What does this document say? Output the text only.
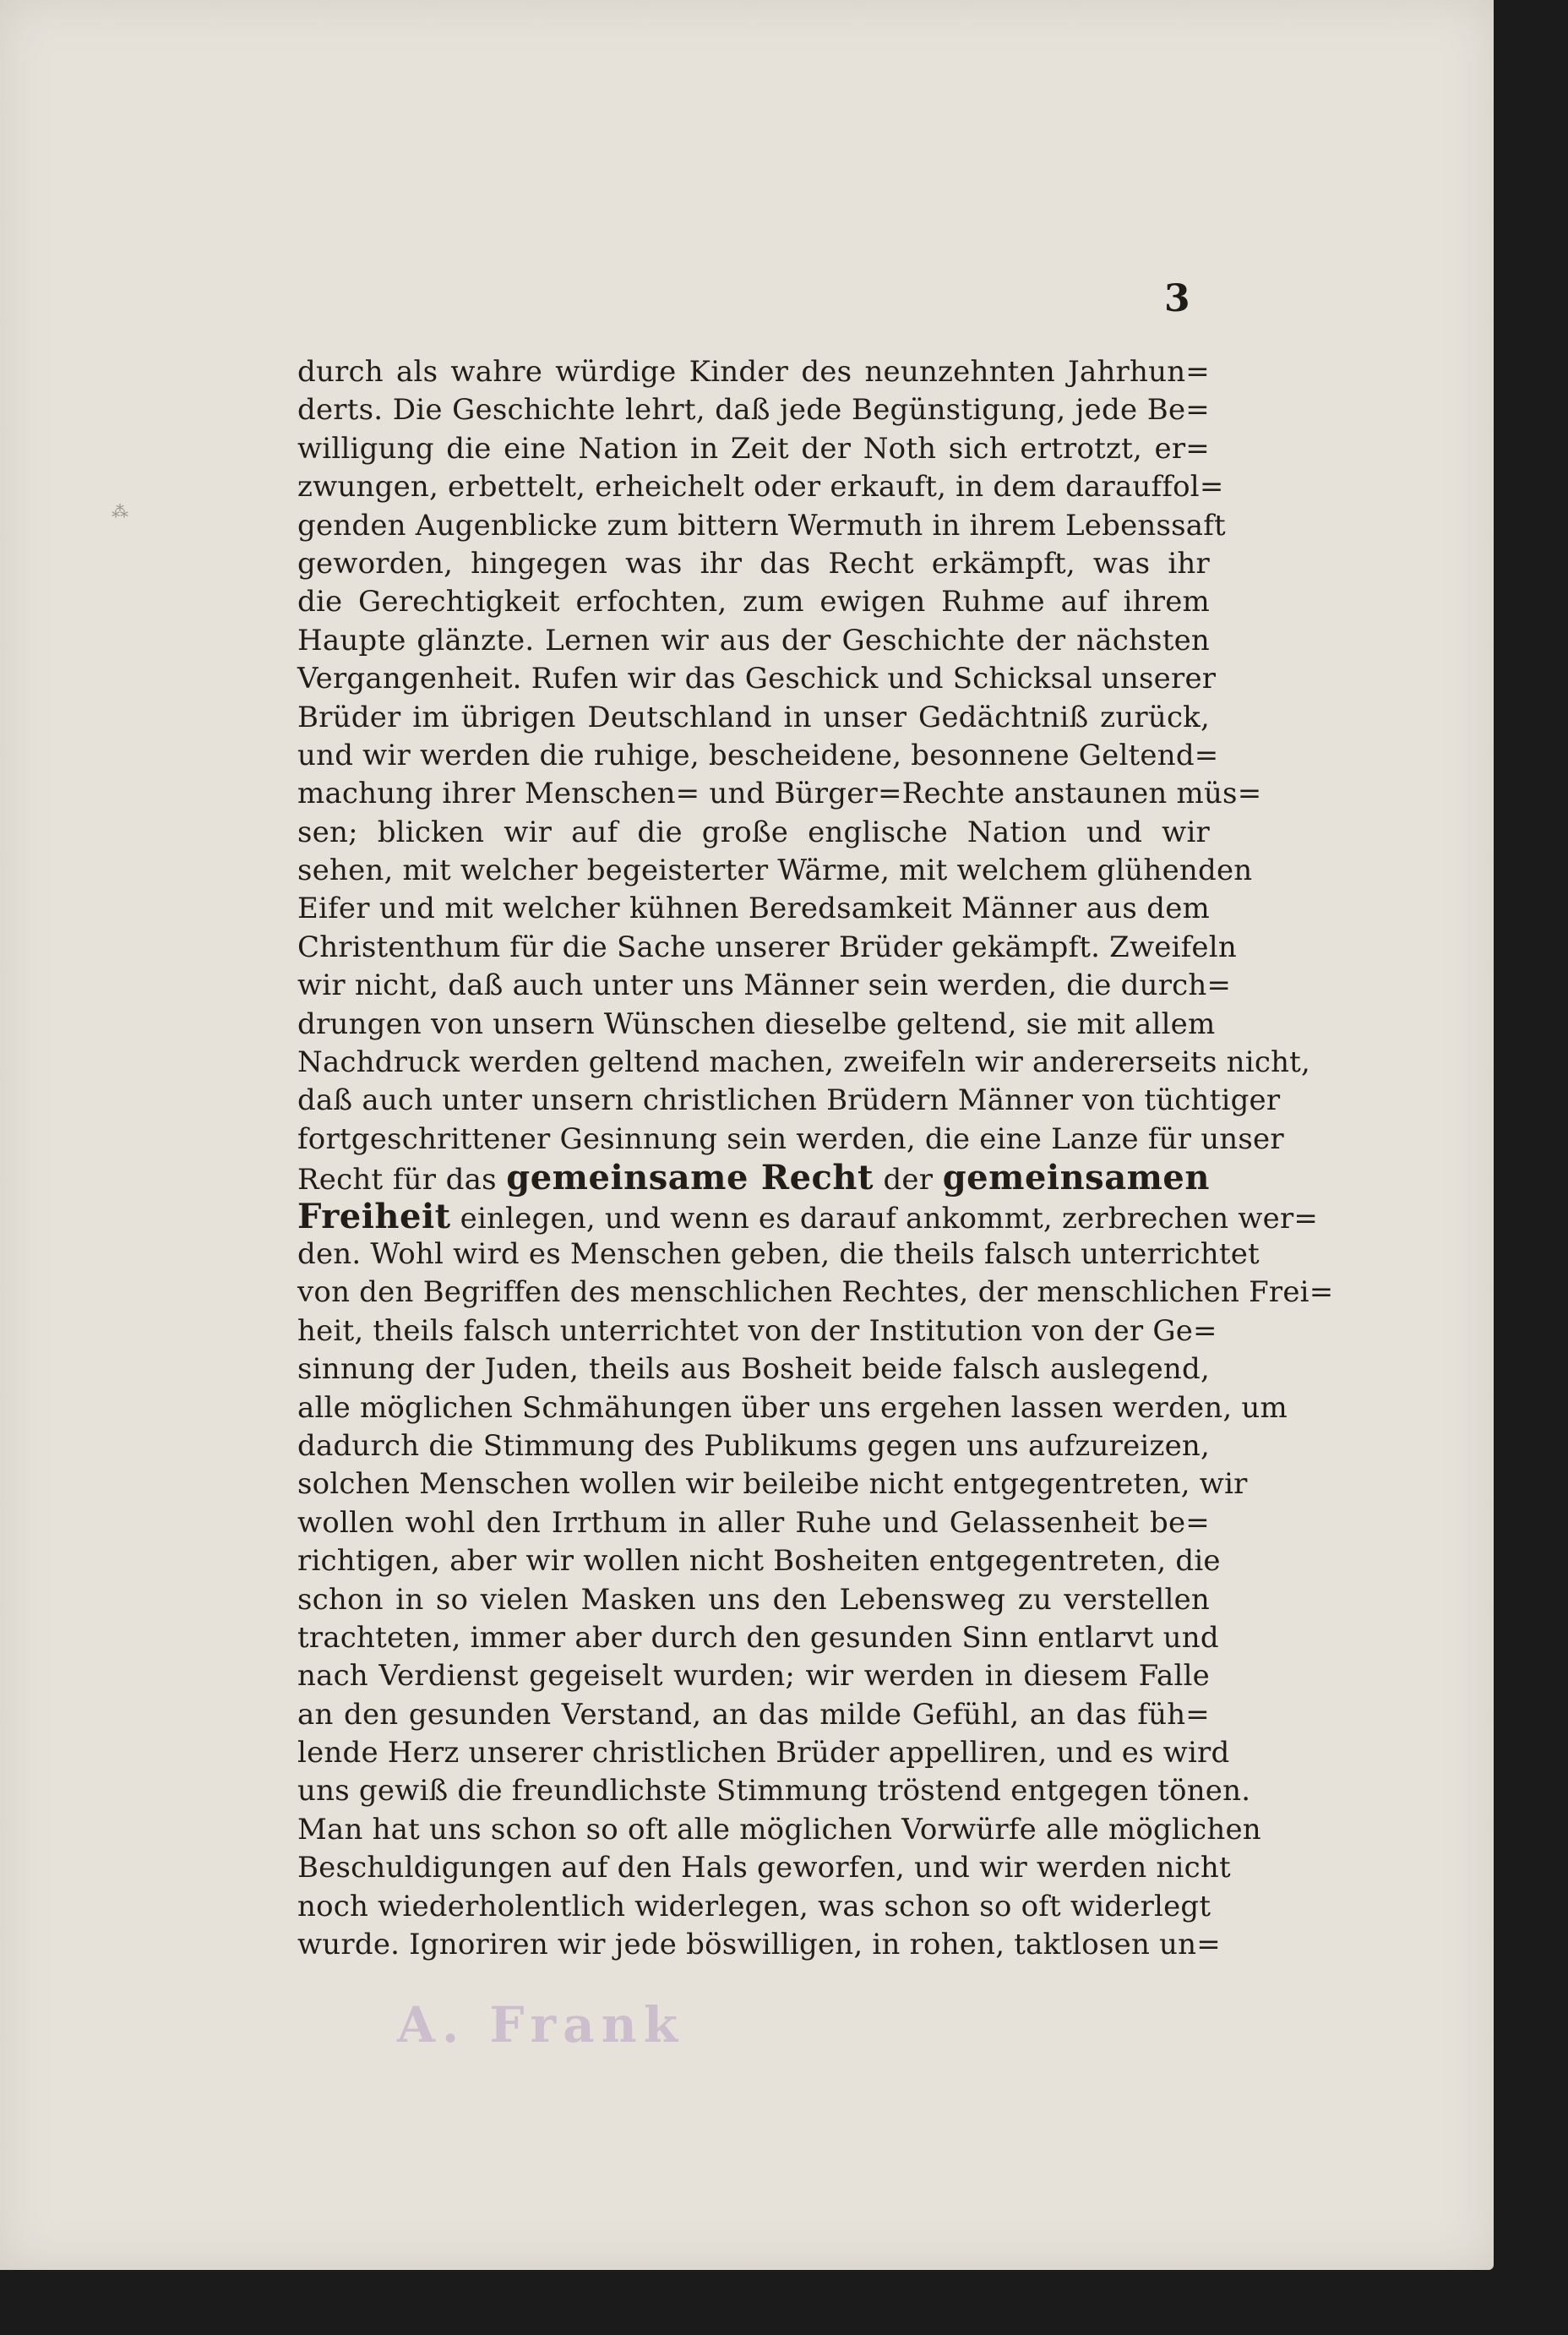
⁂
3
durch als wahre würdige Kinder des neunzehnten Jahrhun=
derts. Die Geschichte lehrt, daß jede Begünstigung, jede Be=
willigung die eine Nation in Zeit der Noth sich ertrotzt, er=
zwungen, erbettelt, erheichelt oder erkauft, in dem darauffol=
genden Augenblicke zum bittern Wermuth in ihrem Lebenssaft
geworden, hingegen was ihr das Recht erkämpft, was ihr
die Gerechtigkeit erfochten, zum ewigen Ruhme auf ihrem
Haupte glänzte. Lernen wir aus der Geschichte der nächsten
Vergangenheit. Rufen wir das Geschick und Schicksal unserer
Brüder im übrigen Deutschland in unser Gedächtniß zurück,
und wir werden die ruhige, bescheidene, besonnene Geltend=
machung ihrer Menschen= und Bürger=Rechte anstaunen müs=
sen; blicken wir auf die große englische Nation und wir
sehen, mit welcher begeisterter Wärme, mit welchem glühenden
Eifer und mit welcher kühnen Beredsamkeit Männer aus dem
Christenthum für die Sache unserer Brüder gekämpft. Zweifeln
wir nicht, daß auch unter uns Männer sein werden, die durch=
drungen von unsern Wünschen dieselbe geltend, sie mit allem
Nachdruck werden geltend machen, zweifeln wir andererseits nicht,
daß auch unter unsern christlichen Brüdern Männer von tüchtiger
fortgeschrittener Gesinnung sein werden, die eine Lanze für unser
Recht für das gemeinsame Recht der gemeinsamen
Freiheit einlegen, und wenn es darauf ankommt, zerbrechen wer=
den. Wohl wird es Menschen geben, die theils falsch unterrichtet
von den Begriffen des menschlichen Rechtes, der menschlichen Frei=
heit, theils falsch unterrichtet von der Institution von der Ge=
sinnung der Juden, theils aus Bosheit beide falsch auslegend,
alle möglichen Schmähungen über uns ergehen lassen werden, um
dadurch die Stimmung des Publikums gegen uns aufzureizen,
solchen Menschen wollen wir beileibe nicht entgegentreten, wir
wollen wohl den Irrthum in aller Ruhe und Gelassenheit be=
richtigen, aber wir wollen nicht Bosheiten entgegentreten, die
schon in so vielen Masken uns den Lebensweg zu verstellen
trachteten, immer aber durch den gesunden Sinn entlarvt und
nach Verdienst gegeiselt wurden; wir werden in diesem Falle
an den gesunden Verstand, an das milde Gefühl, an das füh=
lende Herz unserer christlichen Brüder appelliren, und es wird
uns gewiß die freundlichste Stimmung tröstend entgegen tönen.
Man hat uns schon so oft alle möglichen Vorwürfe alle möglichen
Beschuldigungen auf den Hals geworfen, und wir werden nicht
noch wiederholentlich widerlegen, was schon so oft widerlegt
wurde. Ignoriren wir jede böswilligen, in rohen, taktlosen un=
A. Frank
